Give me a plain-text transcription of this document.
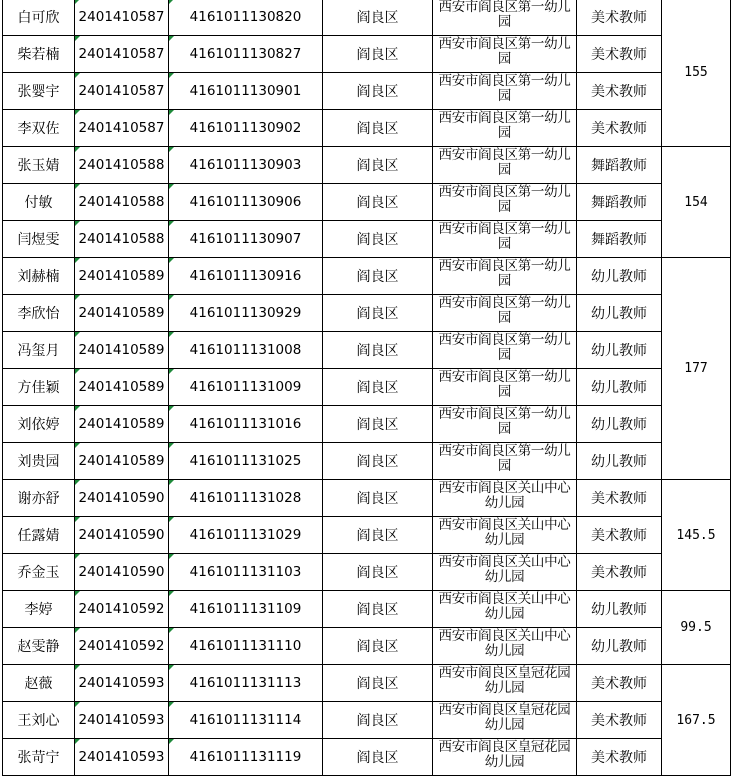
白可欣	2401410587	4161011130820	阎良区	西安市阎良区第一幼儿园	美术教师	155
柴若楠	2401410587	4161011130827	阎良区	西安市阎良区第一幼儿园	美术教师	
张婴宇	2401410587	4161011130901	阎良区	西安市阎良区第一幼儿园	美术教师	
李双佐	2401410587	4161011130902	阎良区	西安市阎良区第一幼儿园	美术教师	
张玉婧	2401410588	4161011130903	阎良区	西安市阎良区第一幼儿园	舞蹈教师	154
付敏	2401410588	4161011130906	阎良区	西安市阎良区第一幼儿园	舞蹈教师	
闫煜雯	2401410588	4161011130907	阎良区	西安市阎良区第一幼儿园	舞蹈教师	
刘赫楠	2401410589	4161011130916	阎良区	西安市阎良区第一幼儿园	幼儿教师	177
李欣怡	2401410589	4161011130929	阎良区	西安市阎良区第一幼儿园	幼儿教师	
冯玺月	2401410589	4161011131008	阎良区	西安市阎良区第一幼儿园	幼儿教师	
方佳颖	2401410589	4161011131009	阎良区	西安市阎良区第一幼儿园	幼儿教师	
刘依婷	2401410589	4161011131016	阎良区	西安市阎良区第一幼儿园	幼儿教师	
刘贵园	2401410589	4161011131025	阎良区	西安市阎良区第一幼儿园	幼儿教师	
谢亦舒	2401410590	4161011131028	阎良区	西安市阎良区关山中心幼儿园	美术教师	145.5
任露婧	2401410590	4161011131029	阎良区	西安市阎良区关山中心幼儿园	美术教师	
乔金玉	2401410590	4161011131103	阎良区	西安市阎良区关山中心幼儿园	美术教师	
李婷	2401410592	4161011131109	阎良区	西安市阎良区关山中心幼儿园	幼儿教师	99.5
赵雯静	2401410592	4161011131110	阎良区	西安市阎良区关山中心幼儿园	幼儿教师	
赵薇	2401410593	4161011131113	阎良区	西安市阎良区皇冠花园幼儿园	美术教师	167.5
王刘心	2401410593	4161011131114	阎良区	西安市阎良区皇冠花园幼儿园	美术教师	
张苛宁	2401410593	4161011131119	阎良区	西安市阎良区皇冠花园幼儿园	美术教师	
